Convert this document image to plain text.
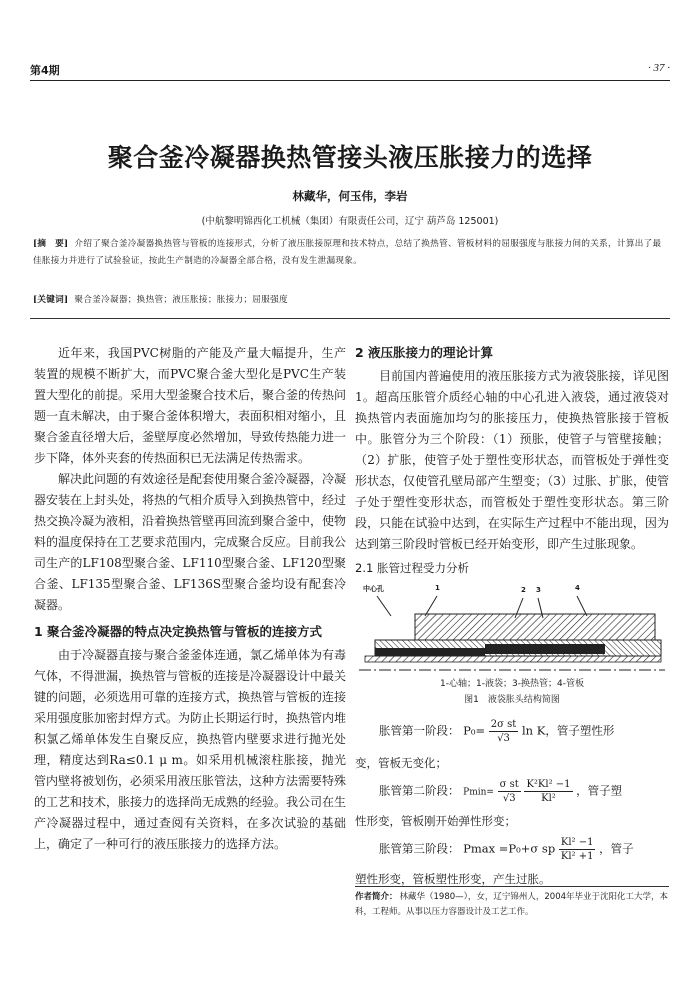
第4期	· 37 ·
聚合釜冷凝器换热管接头液压胀接力的选择
林藏华，何玉伟，李岩
(中航黎明锦西化工机械（集团）有限责任公司，辽宁 葫芦岛 125001)
[摘　要] 介绍了聚合釜冷凝器换热管与管板的连接形式，分析了液压胀接原理和技术特点，总结了换热管、管板材料的屈服强度与胀接力间的关系，计算出了最佳胀接力并进行了试验验证，按此生产制造的冷凝器全部合格，没有发生泄漏现象。
[关键词] 聚合釜冷凝器；换热管；液压胀接；胀接力；屈服强度

近年来，我国PVC树脂的产能及产量大幅提升，生产装置的规模不断扩大，而PVC聚合釜大型化是PVC生产装置大型化的前提。采用大型釜聚合技术后，聚合釜的传热问题一直未解决，由于聚合釜体积增大，表面积相对缩小，且聚合釜直径增大后，釜壁厚度必然增加，导致传热能力进一步下降，体外夹套的传热面积已无法满足传热需求。

解决此问题的有效途径是配套使用聚合釜冷凝器，冷凝器安装在上封头处，将热的气相介质导入到换热管中，经过热交换冷凝为液相，沿着换热管壁再回流到聚合釜中，使物料的温度保持在工艺要求范围内，完成聚合反应。目前我公司生产的LF108型聚合釜、LF110型聚合釜、LF120型聚合釜、LF135型聚合釜、LF136S型聚合釜均设有配套冷凝器。

1 聚合釜冷凝器的特点决定换热管与管板的连接方式

由于冷凝器直接与聚合釜釜体连通，氯乙烯单体为有毒气体，不得泄漏，换热管与管板的连接是冷凝器设计中最关键的问题，必须选用可靠的连接方式，换热管与管板的连接采用强度胀加密封焊方式。为防止长期运行时，换热管内堆积氯乙烯单体发生自聚反应，换热管内壁要求进行抛光处理，精度达到Ra≤0.1 μ m。如采用机械滚柱胀接，抛光管内壁将被划伤，必须采用液压胀管法，这种方法需要特殊的工艺和技术，胀接力的选择尚无成熟的经验。我公司在生产冷凝器过程中，通过查阅有关资料，在多次试验的基础上，确定了一种可行的液压胀接力的选择方法。

2 液压胀接力的理论计算

目前国内普遍使用的液压胀接方式为液袋胀接，详见图1。超高压胀管介质经心轴的中心孔进入液袋，通过液袋对换热管内表面施加均匀的胀接压力，使换热管胀接于管板中。胀管分为三个阶段：（1）预胀，使管子与管壁接触；（2）扩胀，使管子处于塑性变形状态，而管板处于弹性变形状态，仅使管孔壁局部产生塑变；（3）过胀、扩胀，使管子处于塑性变形状态，而管板处于塑性变形状态。第三阶段，只能在试验中达到，在实际生产过程中不能出现，因为达到第三阶段时管板已经开始变形，即产生过胀现象。

2.1 胀管过程受力分析
中心孔	1	2 3	4
1-心轴；1-液袋；3-换热管；4-管板
图1　液袋胀头结构简图
胀管第一阶段： $P_0= \frac{\text{2σ st}}{√3}$ ln K，管子塑性形
变，管板无变化；
胀管第二阶段： $Pmin= \frac{\text{σ st}}{√3}$
$\frac{\text{K²Kl² −1}}{\text{Kl²}}$ ，管子塑
性形变，管板刚开始弹性形变；
胀管第三阶段： Pmax =P₀+σ sp $\frac{\text{Kl² −1}}{\text{Kl² +1}}$ ，管子
塑性形变，管板塑性形变，产生过胀。
作者简介： 林藏华（1980—），女，辽宁锦州人，2004年毕业于沈阳化工大学，本科，工程师。从事以压力容器设计及工艺工作。
